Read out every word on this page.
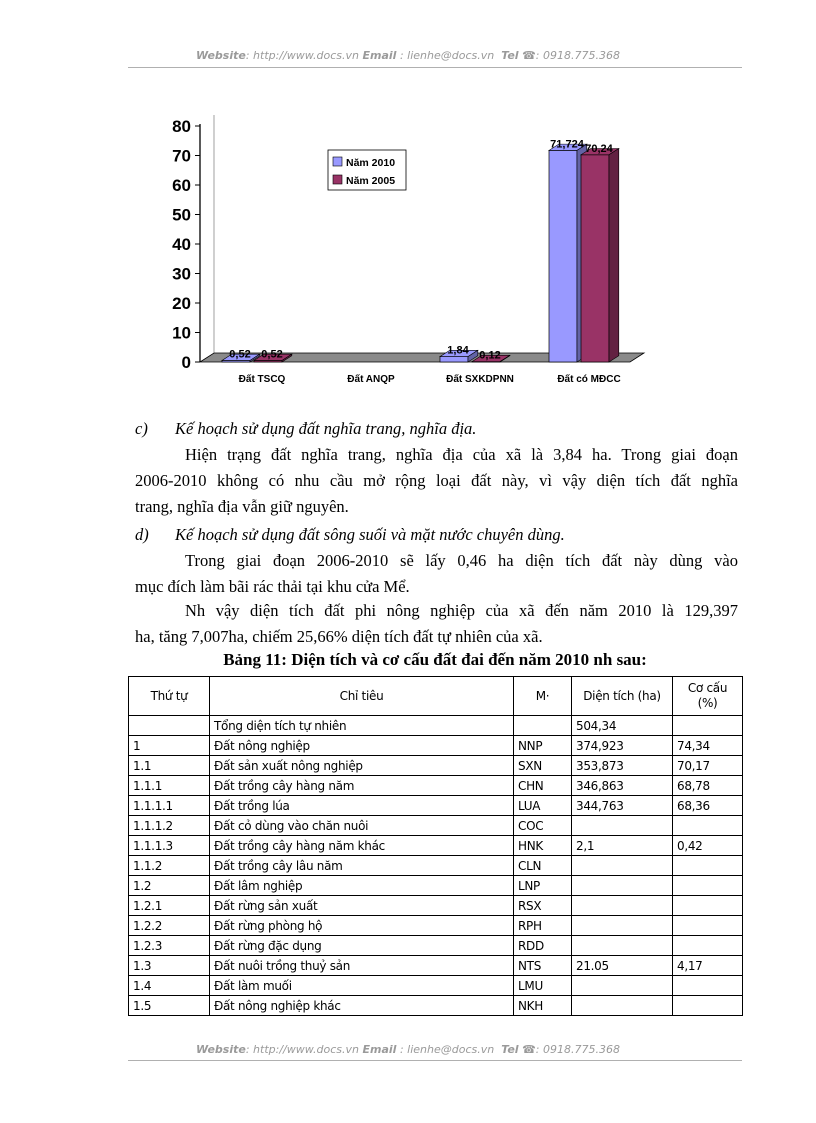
Website: http://www.docs.vn Email : lienhe@docs.vn Tel ☎: 0918.775.368
0
10
20
30
40
50
60
70
80
0,52 0,52
Đất TSCQ	Đất ANQP
1,84 0,12
Đất SXKDPNN
71,724 70,24
Đất có MĐCC
Năm 2010
Năm 2005
c) Kế hoạch sử dụng đất nghĩa trang, nghĩa địa.
Hiện trạng đất nghĩa trang, nghĩa địa của xã là 3,84 ha. Trong giai đoạn
2006-2010 không có nhu cầu mở rộng loại đất này, vì vậy diện tích đất nghĩa
trang, nghĩa địa vẫn giữ nguyên.
d) Kế hoạch sử dụng đất sông suối và mặt nước chuyên dùng.
Trong giai đoạn 2006-2010 sẽ lấy 0,46 ha diện tích đất này dùng vào
mục đích làm bãi rác thải tại khu cửa Mể.
Nh vậy diện tích đất phi nông nghiệp của xã đến năm 2010 là 129,397
ha, tăng 7,007ha, chiếm 25,66% diện tích đất tự nhiên của xã.
Bảng 11: Diện tích và cơ cấu đất đai đến năm 2010 nh sau:
Thứ tự	Chỉ tiêu	M·	Diện tích (ha)	Cơ cấu (%)
	Tổng diện tích tự nhiên		504,34	
1	Đất nông nghiệp	NNP	374,923	74,34
1.1	Đất sản xuất nông nghiệp	SXN	353,873	70,17
1.1.1	Đất trồng cây hàng năm	CHN	346,863	68,78
1.1.1.1	Đất trồng lúa	LUA	344,763	68,36
1.1.1.2	Đất cỏ dùng vào chăn nuôi	COC		
1.1.1.3	Đất trồng cây hàng năm khác	HNK	2,1	0,42
1.1.2	Đất trồng cây lâu năm	CLN		
1.2	Đất lâm nghiệp	LNP		
1.2.1	Đất rừng sản xuất	RSX		
1.2.2	Đất rừng phòng hộ	RPH		
1.2.3	Đất rừng đặc dụng	RDD		
1.3	Đất nuôi trồng thuỷ sản	NTS	21.05	4,17
1.4	Đất làm muối	LMU		
1.5	Đất nông nghiệp khác	NKH		
Website: http://www.docs.vn Email : lienhe@docs.vn Tel ☎: 0918.775.368
